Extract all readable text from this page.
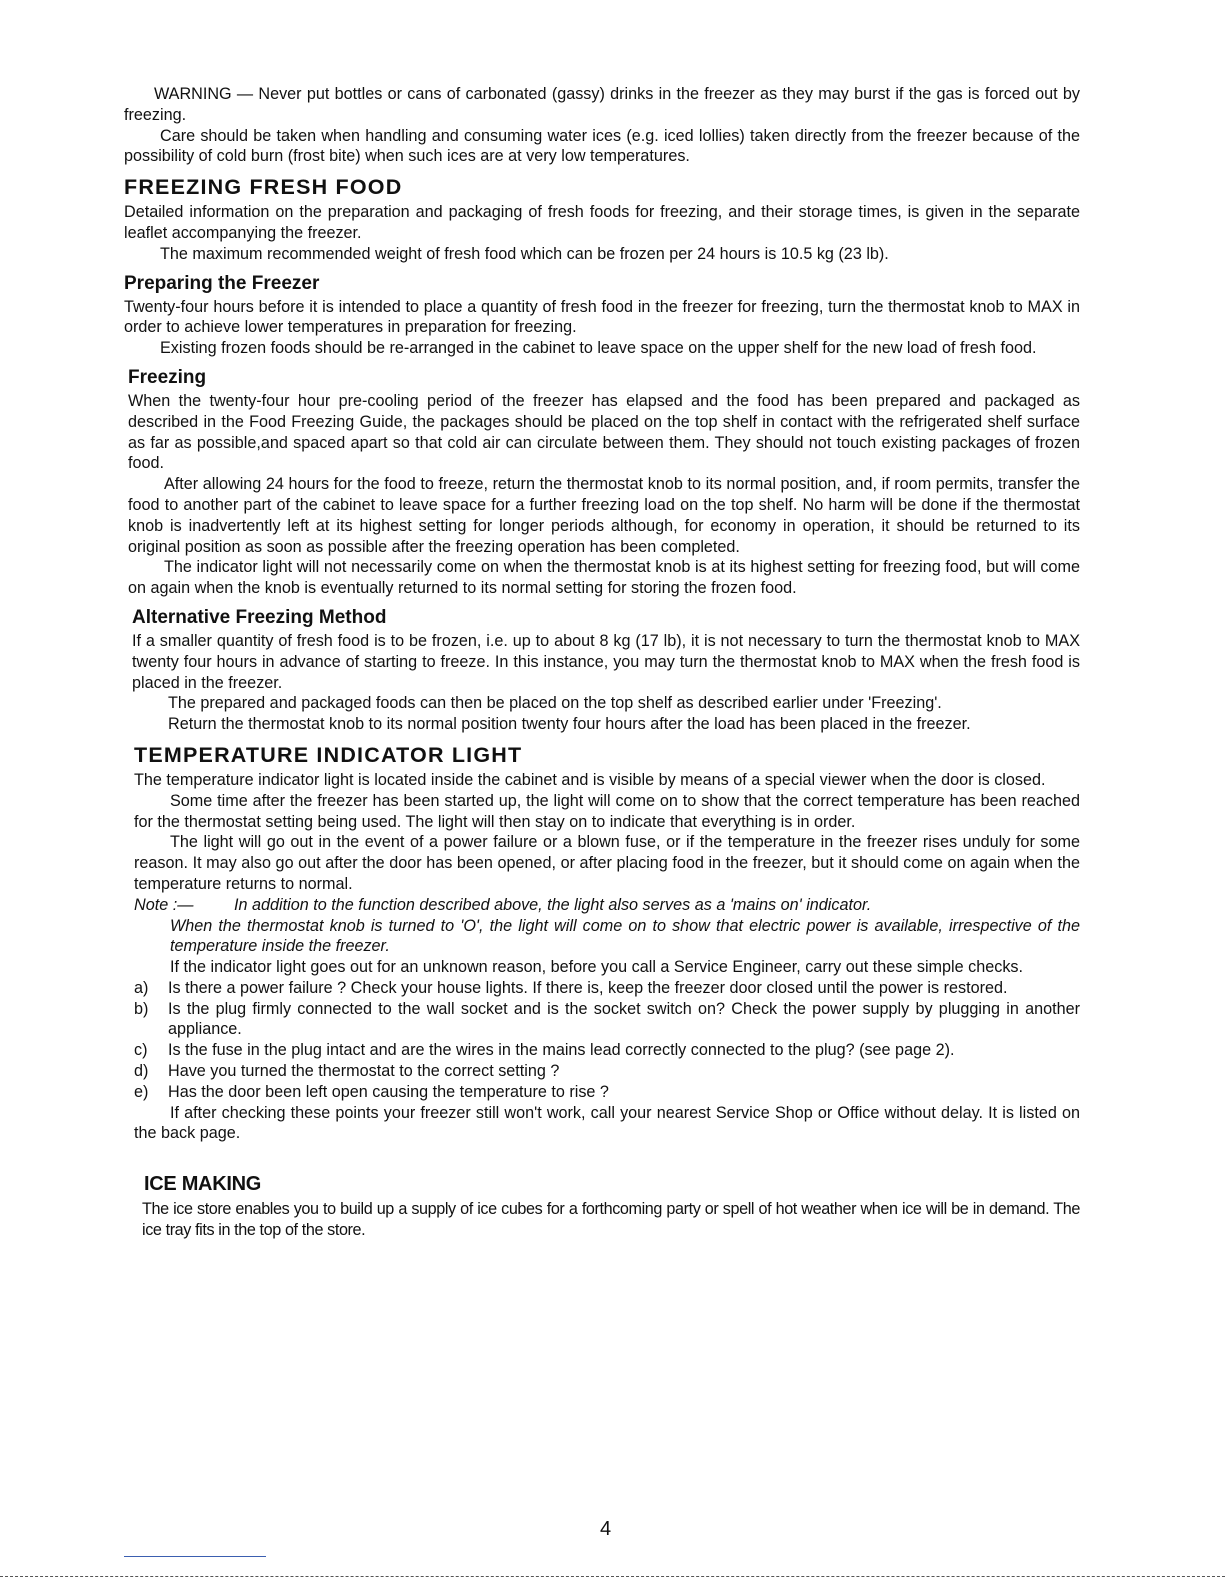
WARNING — Never put bottles or cans of carbonated (gassy) drinks in the freezer as they may burst if the gas is forced out by freezing.

Care should be taken when handling and consuming water ices (e.g. iced lollies) taken directly from the freezer because of the possibility of cold burn (frost bite) when such ices are at very low temperatures.

FREEZING FRESH FOOD

Detailed information on the preparation and packaging of fresh foods for freezing, and their storage times, is given in the separate leaflet accompanying the freezer.

The maximum recommended weight of fresh food which can be frozen per 24 hours is 10.5 kg (23 lb).

Preparing the Freezer

Twenty-four hours before it is intended to place a quantity of fresh food in the freezer for freezing, turn the thermostat knob to MAX in order to achieve lower temperatures in preparation for freezing.

Existing frozen foods should be re-arranged in the cabinet to leave space on the upper shelf for the new load of fresh food.

Freezing

When the twenty-four hour pre-cooling period of the freezer has elapsed and the food has been prepared and packaged as described in the Food Freezing Guide, the packages should be placed on the top shelf in contact with the refrigerated shelf surface as far as possible,and spaced apart so that cold air can circulate between them. They should not touch existing packages of frozen food.

After allowing 24 hours for the food to freeze, return the thermostat knob to its normal position, and, if room permits, transfer the food to another part of the cabinet to leave space for a further freezing load on the top shelf. No harm will be done if the thermostat knob is inadvertently left at its highest setting for longer periods although, for economy in operation, it should be returned to its original position as soon as possible after the freezing operation has been completed.

The indicator light will not necessarily come on when the thermostat knob is at its highest setting for freezing food, but will come on again when the knob is eventually returned to its normal setting for storing the frozen food.

Alternative Freezing Method

If a smaller quantity of fresh food is to be frozen, i.e. up to about 8 kg (17 lb), it is not necessary to turn the thermostat knob to MAX twenty four hours in advance of starting to freeze. In this instance, you may turn the thermostat knob to MAX when the fresh food is placed in the freezer.

The prepared and packaged foods can then be placed on the top shelf as described earlier under 'Freezing'.

Return the thermostat knob to its normal position twenty four hours after the load has been placed in the freezer.

TEMPERATURE INDICATOR LIGHT

The temperature indicator light is located inside the cabinet and is visible by means of a special viewer when the door is closed.

Some time after the freezer has been started up, the light will come on to show that the correct temperature has been reached for the thermostat setting being used. The light will then stay on to indicate that everything is in order.

The light will go out in the event of a power failure or a blown fuse, or if the temperature in the freezer rises unduly for some reason. It may also go out after the door has been opened, or after placing food in the freezer, but it should come on again when the temperature returns to normal.

Note :—	In addition to the function described above, the light also serves as a 'mains on' indicator.
When the thermostat knob is turned to 'O', the light will come on to show that electric power is available, irrespective of the temperature inside the freezer.

If the indicator light goes out for an unknown reason, before you call a Service Engineer, carry out these simple checks.

a)	Is there a power failure ? Check your house lights. If there is, keep the freezer door closed until the power is restored.
b)	Is the plug firmly connected to the wall socket and is the socket switch on? Check the power supply by plugging in another appliance.
c)	Is the fuse in the plug intact and are the wires in the mains lead correctly connected to the plug? (see page 2).
d)	Have you turned the thermostat to the correct setting ?
e)	Has the door been left open causing the temperature to rise ?

If after checking these points your freezer still won't work, call your nearest Service Shop or Office without delay. It is listed on the back page.

ICE MAKING

The ice store enables you to build up a supply of ice cubes for a forthcoming party or spell of hot weather when ice will be in demand. The ice tray fits in the top of the store.

4
